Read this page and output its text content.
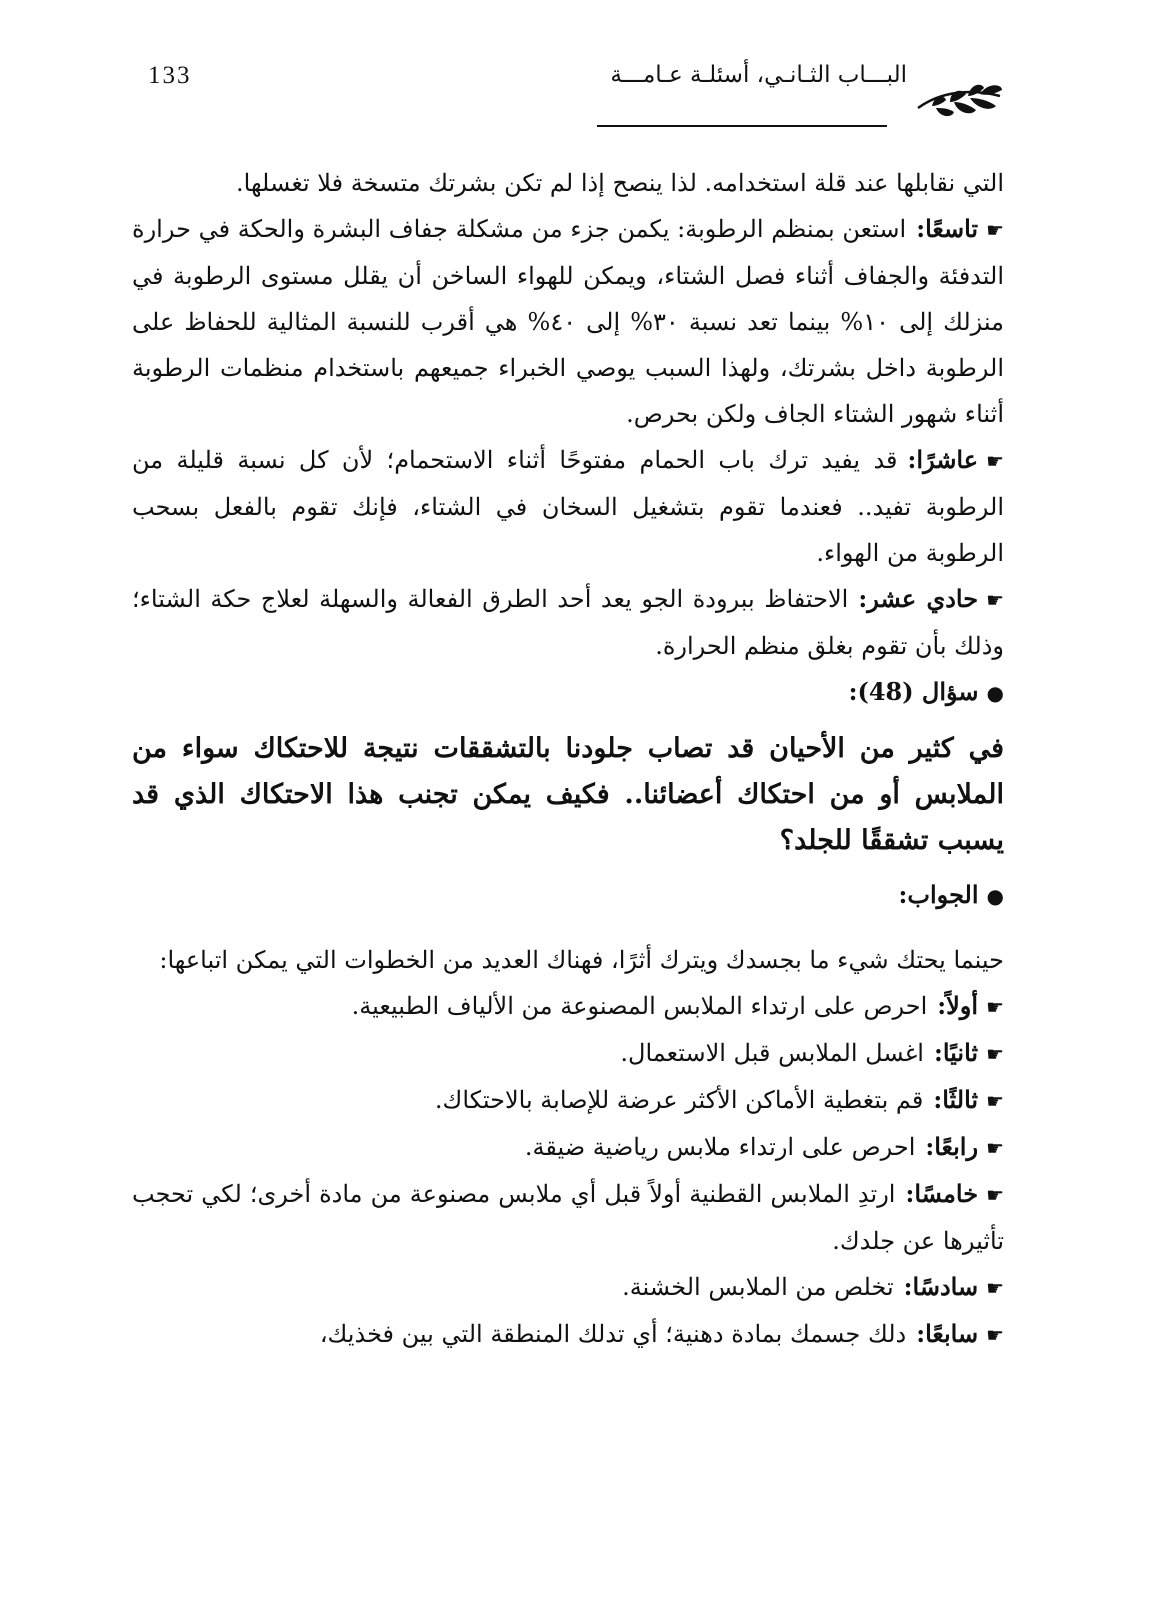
133	البـــاب الثـانـي، أسئلـة عـامـــة

التي نقابلها عند قلة استخدامه. لذا ينصح إذا لم تكن بشرتك متسخة فلا تغسلها.

☛تاسعًا :استعن بمنظم الرطوبة: يكمن جزء من مشكلة جفاف البشرة والحكة في حرارة التدفئة والجفاف أثناء فصل الشتاء، ويمكن للهواء الساخن أن يقلل مستوى الرطوبة في منزلك إلى ١٠% بينما تعد نسبة ٣٠% إلى ٤٠% هي أقرب للنسبة المثالية للحفاظ على الرطوبة داخل بشرتك، ولهذا السبب يوصي الخبراء جميعهم باستخدام منظمات الرطوبة أثناء شهور الشتاء الجاف ولكن بحرص.

☛عاشرًا :قد يفيد ترك باب الحمام مفتوحًا أثناء الاستحمام؛ لأن كل نسبة قليلة من الرطوبة تفيد.. فعندما تقوم بتشغيل السخان في الشتاء، فإنك تقوم بالفعل بسحب الرطوبة من الهواء.

☛حادي عشر :الاحتفاظ ببرودة الجو يعد أحد الطرق الفعالة والسهلة لعلاج حكة الشتاء؛ وذلك بأن تقوم بغلق منظم الحرارة.

●سؤال (48):

في كثير من الأحيان قد تصاب جلودنا بالتشققات نتيجة للاحتكاك سواء من الملابس أو من احتكاك أعضائنا.. فكيف يمكن تجنب هذا الاحتكاك الذي قد يسبب تشققًا للجلد؟

●الجواب:

حينما يحتك شيء ما بجسدك ويترك أثرًا، فهناك العديد من الخطوات التي يمكن اتباعها:

☛أولاً :احرص على ارتداء الملابس المصنوعة من الألياف الطبيعية.

☛ثانيًا :اغسل الملابس قبل الاستعمال.

☛ثالثًا :قم بتغطية الأماكن الأكثر عرضة للإصابة بالاحتكاك.

☛رابعًا :احرص على ارتداء ملابس رياضية ضيقة.

☛خامسًا :ارتدِ الملابس القطنية أولاً قبل أي ملابس مصنوعة من مادة أخرى؛ لكي تحجب تأثيرها عن جلدك.

☛سادسًا :تخلص من الملابس الخشنة.

☛سابعًا :دلك جسمك بمادة دهنية؛ أي تدلك المنطقة التي بين فخذيك،
